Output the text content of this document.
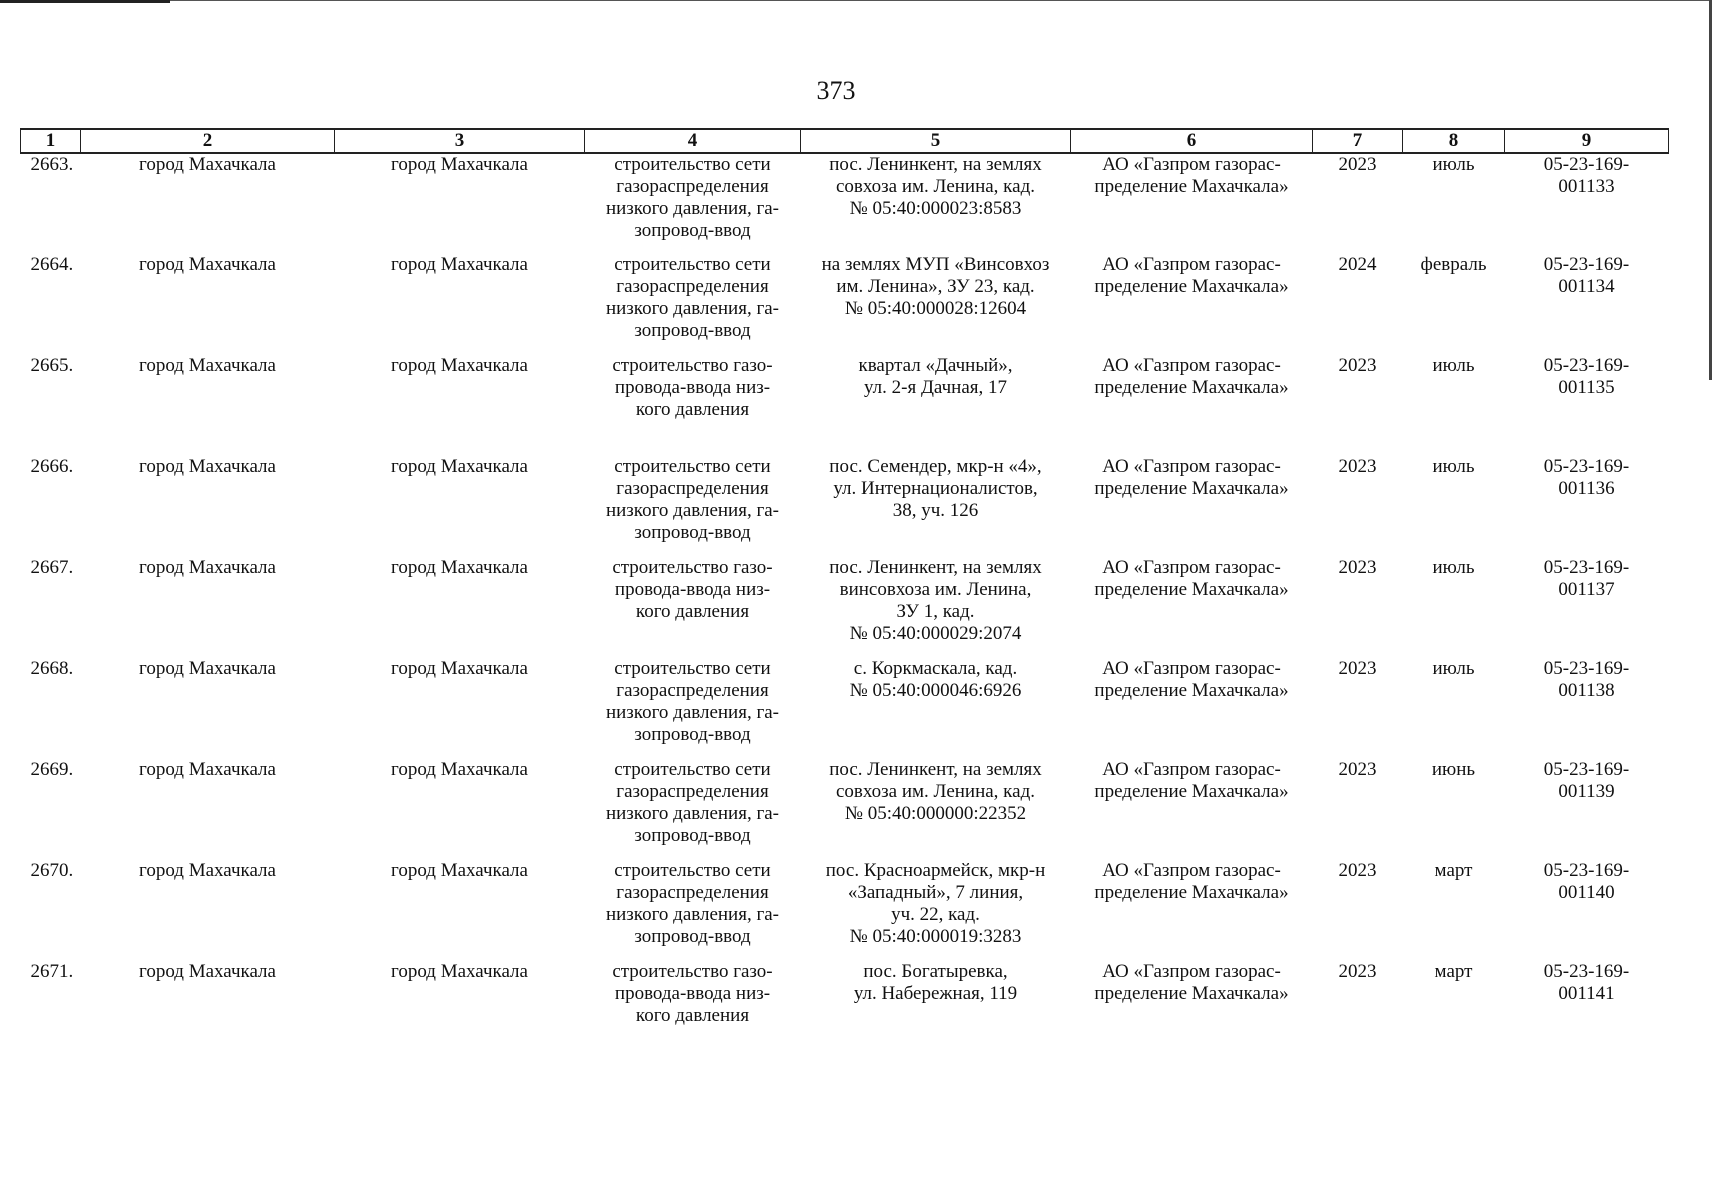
373
1	2	3	4	5	6	7	8	9
2663.	город Махачкала	город Махачкала	строительство сети
газораспределения
низкого давления, га-
зопровод-ввод	пос. Ленинкент, на землях
совхоза им. Ленина, кад.
№ 05:40:000023:8583	АО «Газпром газорас-
пределение Махачкала»	2023	июль	05-23-169-
001133

2664.	город Махачкала	город Махачкала	строительство сети
газораспределения
низкого давления, га-
зопровод-ввод	на землях МУП «Винсовхоз
им. Ленина», ЗУ 23, кад.
№ 05:40:000028:12604	АО «Газпром газорас-
пределение Махачкала»	2024	февраль	05-23-169-
001134

2665.	город Махачкала	город Махачкала	строительство газо-
провода-ввода низ-
кого давления	квартал «Дачный»,
ул. 2-я Дачная, 17	АО «Газпром газорас-
пределение Махачкала»	2023	июль	05-23-169-
001135

2666.	город Махачкала	город Махачкала	строительство сети
газораспределения
низкого давления, га-
зопровод-ввод	пос. Семендер, мкр-н «4»,
ул. Интернационалистов,
38, уч. 126	АО «Газпром газорас-
пределение Махачкала»	2023	июль	05-23-169-
001136

2667.	город Махачкала	город Махачкала	строительство газо-
провода-ввода низ-
кого давления	пос. Ленинкент, на землях
винсовхоза им. Ленина,
ЗУ 1, кад.
№ 05:40:000029:2074	АО «Газпром газорас-
пределение Махачкала»	2023	июль	05-23-169-
001137

2668.	город Махачкала	город Махачкала	строительство сети
газораспределения
низкого давления, га-
зопровод-ввод	с. Коркмаскала, кад.
№ 05:40:000046:6926	АО «Газпром газорас-
пределение Махачкала»	2023	июль	05-23-169-
001138

2669.	город Махачкала	город Махачкала	строительство сети
газораспределения
низкого давления, га-
зопровод-ввод	пос. Ленинкент, на землях
совхоза им. Ленина, кад.
№ 05:40:000000:22352	АО «Газпром газорас-
пределение Махачкала»	2023	июнь	05-23-169-
001139

2670.	город Махачкала	город Махачкала	строительство сети
газораспределения
низкого давления, га-
зопровод-ввод	пос. Красноармейск, мкр-н
«Западный», 7 линия,
уч. 22, кад.
№ 05:40:000019:3283	АО «Газпром газорас-
пределение Махачкала»	2023	март	05-23-169-
001140

2671.	город Махачкала	город Махачкала	строительство газо-
провода-ввода низ-
кого давления	пос. Богатыревка,
ул. Набережная, 119	АО «Газпром газорас-
пределение Махачкала»	2023	март	05-23-169-
001141
